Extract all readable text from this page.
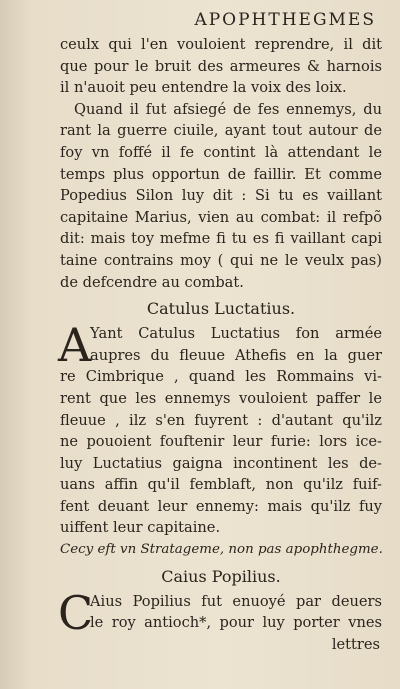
APOPHTHEGMES
ceulx qui l'en vouloient reprendre, il dit
que pour le bruit des armeures & harnois
il n'auoit peu entendre la voix des loix.
Quand il fut afsiegé de fes ennemys, du
rant la guerre ciuile, ayant tout autour de
foy vn foffé il fe contint là attendant le
temps plus opportun de faillir. Et comme
Popedius Silon luy dit : Si tu es vaillant
capitaine Marius, vien au combat: il refpõ
dit: mais toy mefme fi tu es fi vaillant capi
taine contrains moy ( qui ne le veulx pas)
de defcendre au combat.
Catulus Luctatius.
A
Yant Catulus Luctatius fon armée
aupres du fleuue Athefis en la guer
re Cimbrique , quand les Rommains vi-
rent que les ennemys vouloient paffer le
fleuue , ilz s'en fuyrent : d'autant qu'ilz
ne pouoient fouftenir leur furie: lors ice-
luy Luctatius gaigna incontinent les de-
uans affin qu'il femblaft, non qu'ilz fuif-
fent deuant leur ennemy: mais qu'ilz fuy
uiffent leur capitaine.
Cecy eft vn Stratageme, non pas apophthegme.
Caius Popilius.
C
Aius Popilius fut enuoyé par deuers
le roy antioch*, pour luy porter vnes
lettres
